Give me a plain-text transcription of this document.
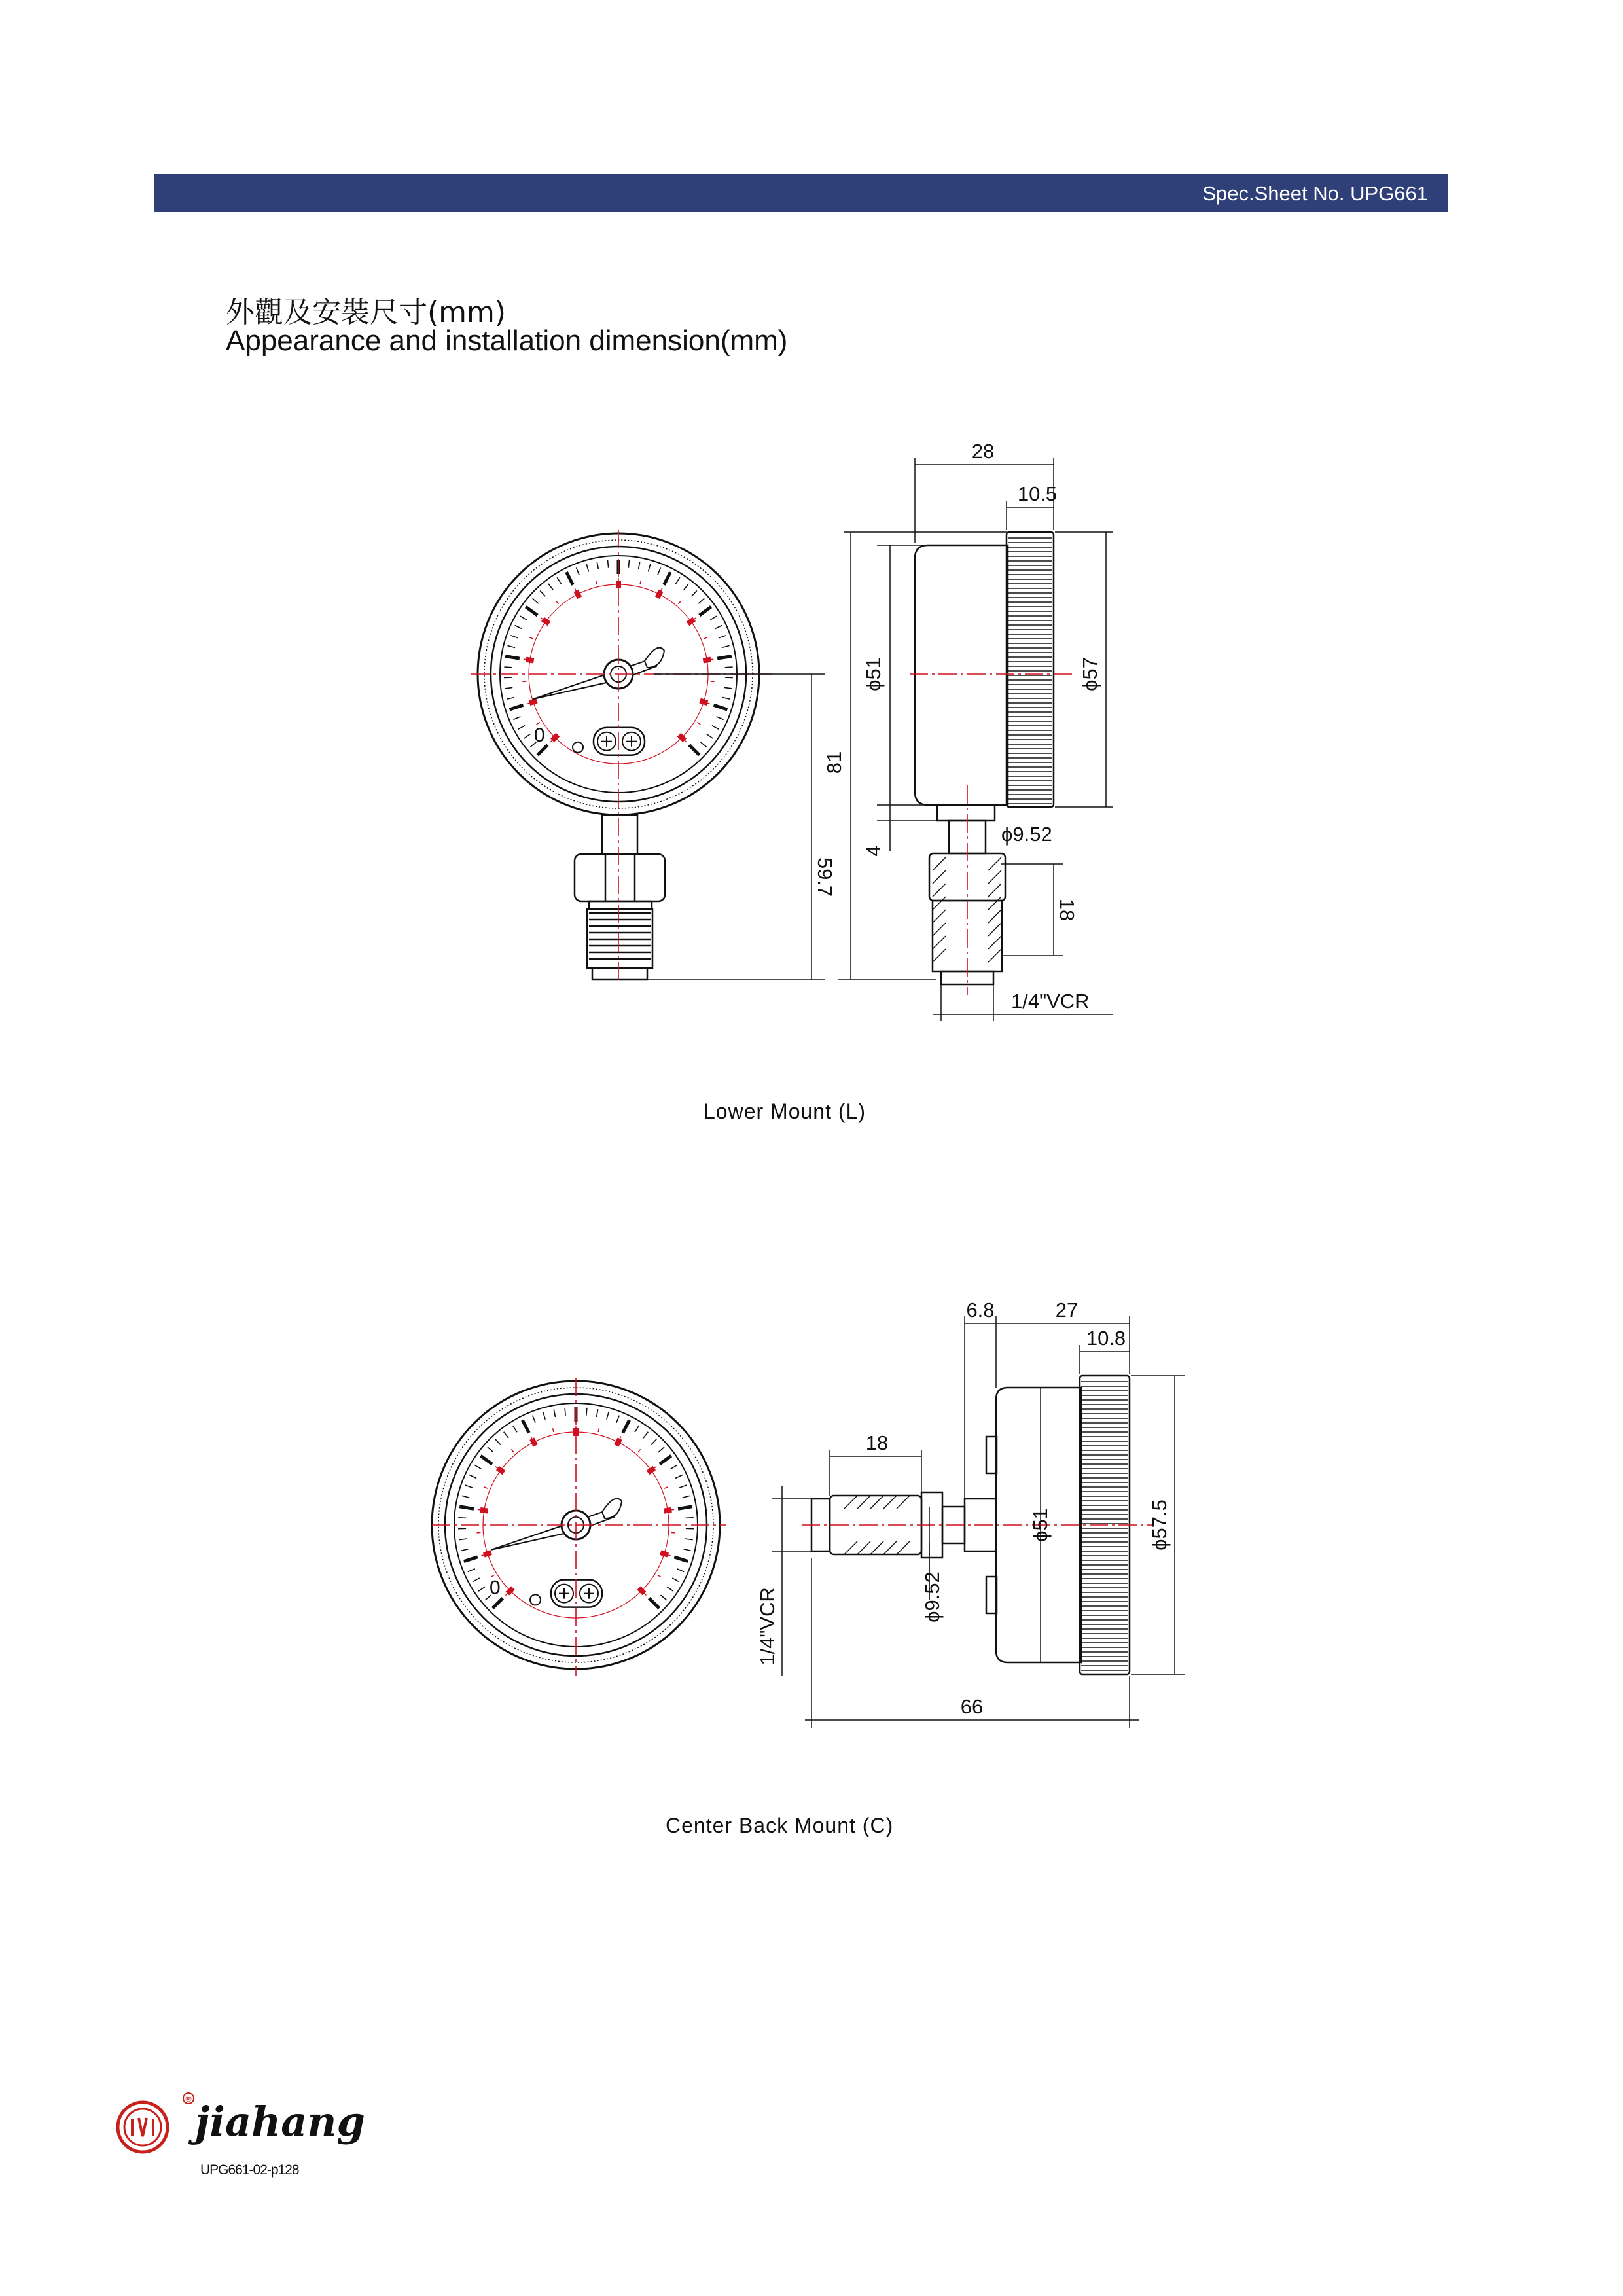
Spec.Sheet No. UPG661
外觀及安裝尺寸(mm)
Appearance and installation dimension(mm)
0
28
10.5
ϕ51	ϕ57
81
4
59.7
ϕ9.52
18
1/4"VCR
0
6.8	27
10.8
18
ϕ51	ϕ57.5
ϕ9.52
1/4"VCR
66
®
Lower Mount (L)
Center Back Mount (C)
jiahang
UPG661-02-p128
